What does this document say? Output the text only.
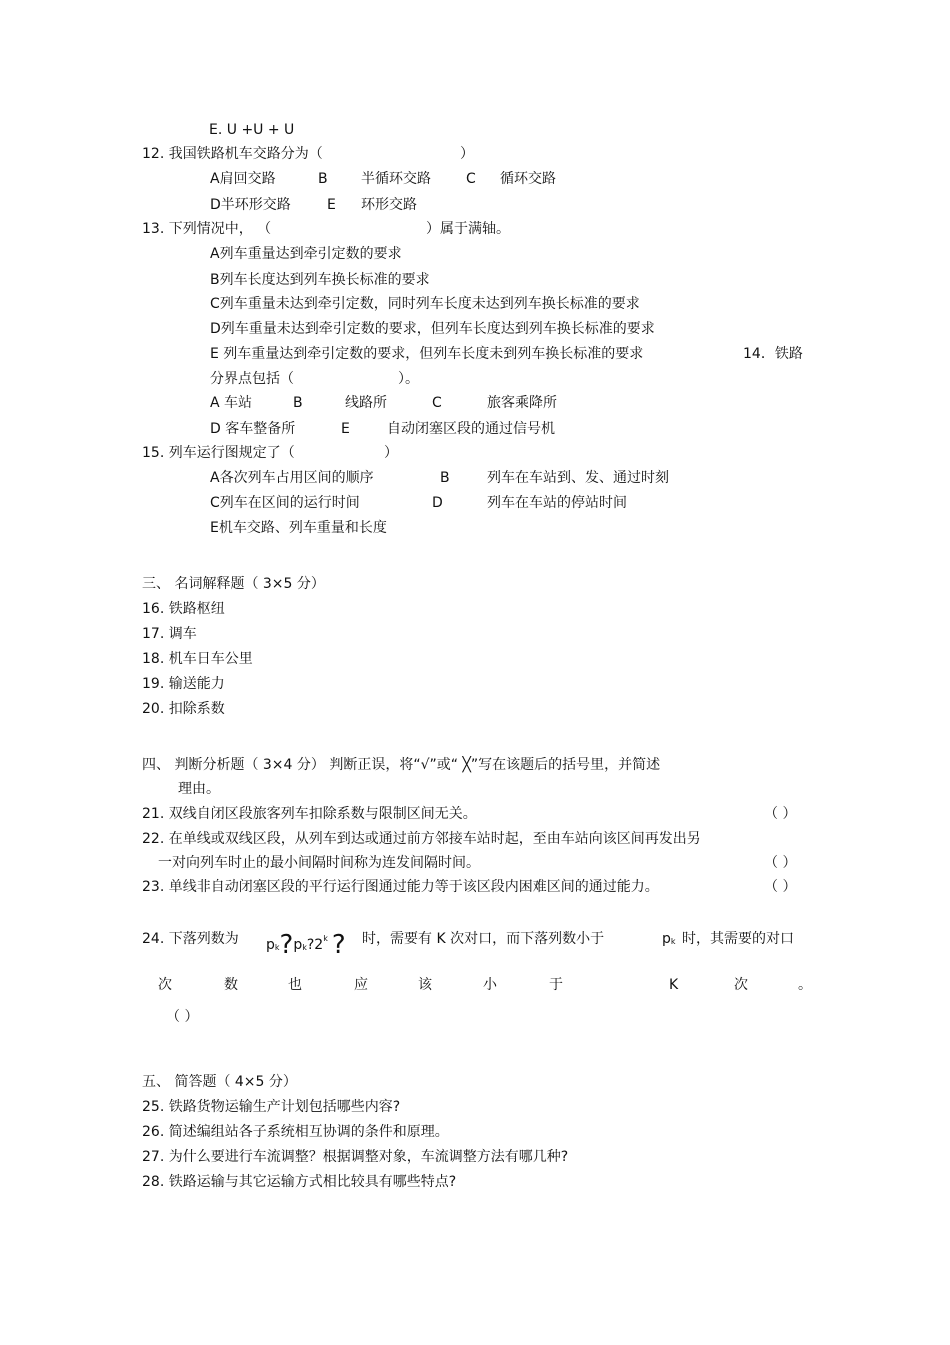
E. U +U + U
12. 我国铁路机车交路分为（	）
A肩回交路	B 半循环交路	C 循环交路
D半环形交路	E 环形交路
13. 下列情况中， （	）属于满轴。
A列车重量达到牵引定数的要求
B列车长度达到列车换长标准的要求
C列车重量未达到牵引定数，同时列车长度未达到列车换长标准的要求
D列车重量未达到牵引定数的要求，但列车长度达到列车换长标准的要求
E 列车重量达到牵引定数的要求，但列车长度未到列车换长标准的要求	14．铁路
分界点包括（	）。
A 车站	B	线路所	C	旅客乘降所
D 客车整备所	E	自动闭塞区段的通过信号机
15. 列车运行图规定了（	）
A各次列车占用区间的顺序	B	列车在车站到、发、通过时刻
C列车在区间的运行时间	D	列车在车站的停站时间
E机车交路、列车重量和长度
三、 名词解释题（ 3×5 分）
16. 铁路枢纽
17. 调车
18. 机车日车公里
19. 输送能力
20. 扣除系数
四、 判断分析题（ 3×4 分） 判断正误，将“√”或“ ╳”写在该题后的括号里，并简述
理由。
21. 双线自闭区段旅客列车扣除系数与限制区间无关。	（ ）
22. 在单线或双线区段，从列车到达或通过前方邻接车站时起，至由车站向该区间再发出另
一对向列车时止的最小间隔时间称为连发间隔时间。	（ ）
23. 单线非自动闭塞区段的平行运行图通过能力等于该区段内困难区间的通过能力。	（ ）
24. 下落列数为 pk?pk?2$^k$ ? 时，需要有 K 次对口，而下落列数小于	pk 时，其需要的对口
次	数	也	应	该	小	于	K	次	。
（ ）
五、 简答题（ 4×5 分）
25. 铁路货物运输生产计划包括哪些内容?
26. 简述编组站各子系统相互协调的条件和原理。
27. 为什么要进行车流调整？根据调整对象，车流调整方法有哪几种?
28. 铁路运输与其它运输方式相比较具有哪些特点?
